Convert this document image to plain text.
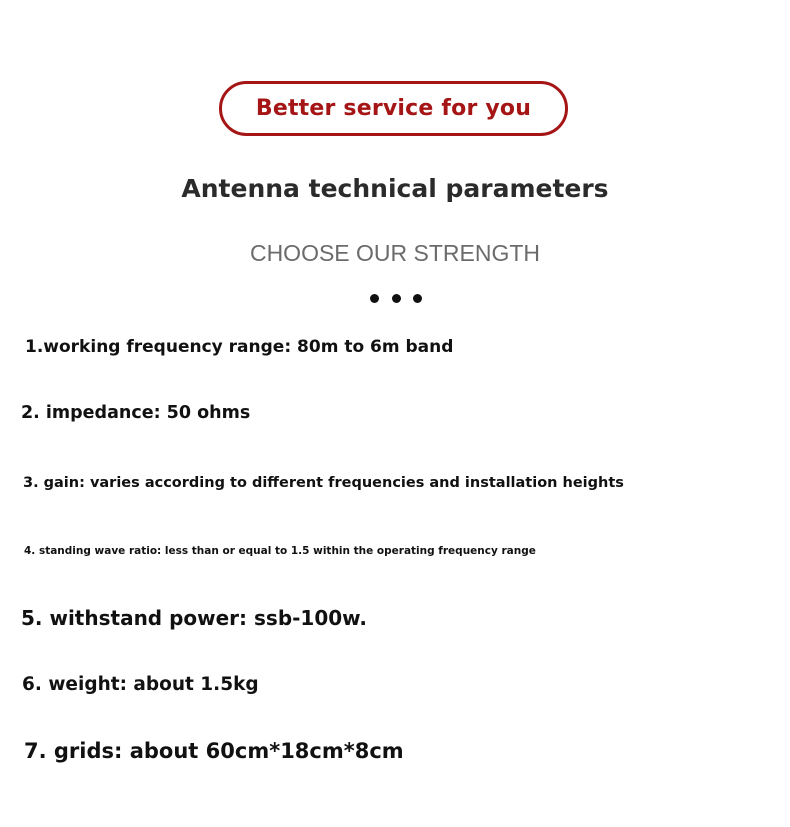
Better service for you
Antenna technical parameters
CHOOSE OUR STRENGTH
1.working frequency range: 80m to 6m band
2. impedance: 50 ohms
3. gain: varies according to different frequencies and installation heights
4. standing wave ratio: less than or equal to 1.5 within the operating frequency range
5. withstand power: ssb-100w.
6. weight: about 1.5kg
7. grids: about 60cm*18cm*8cm
